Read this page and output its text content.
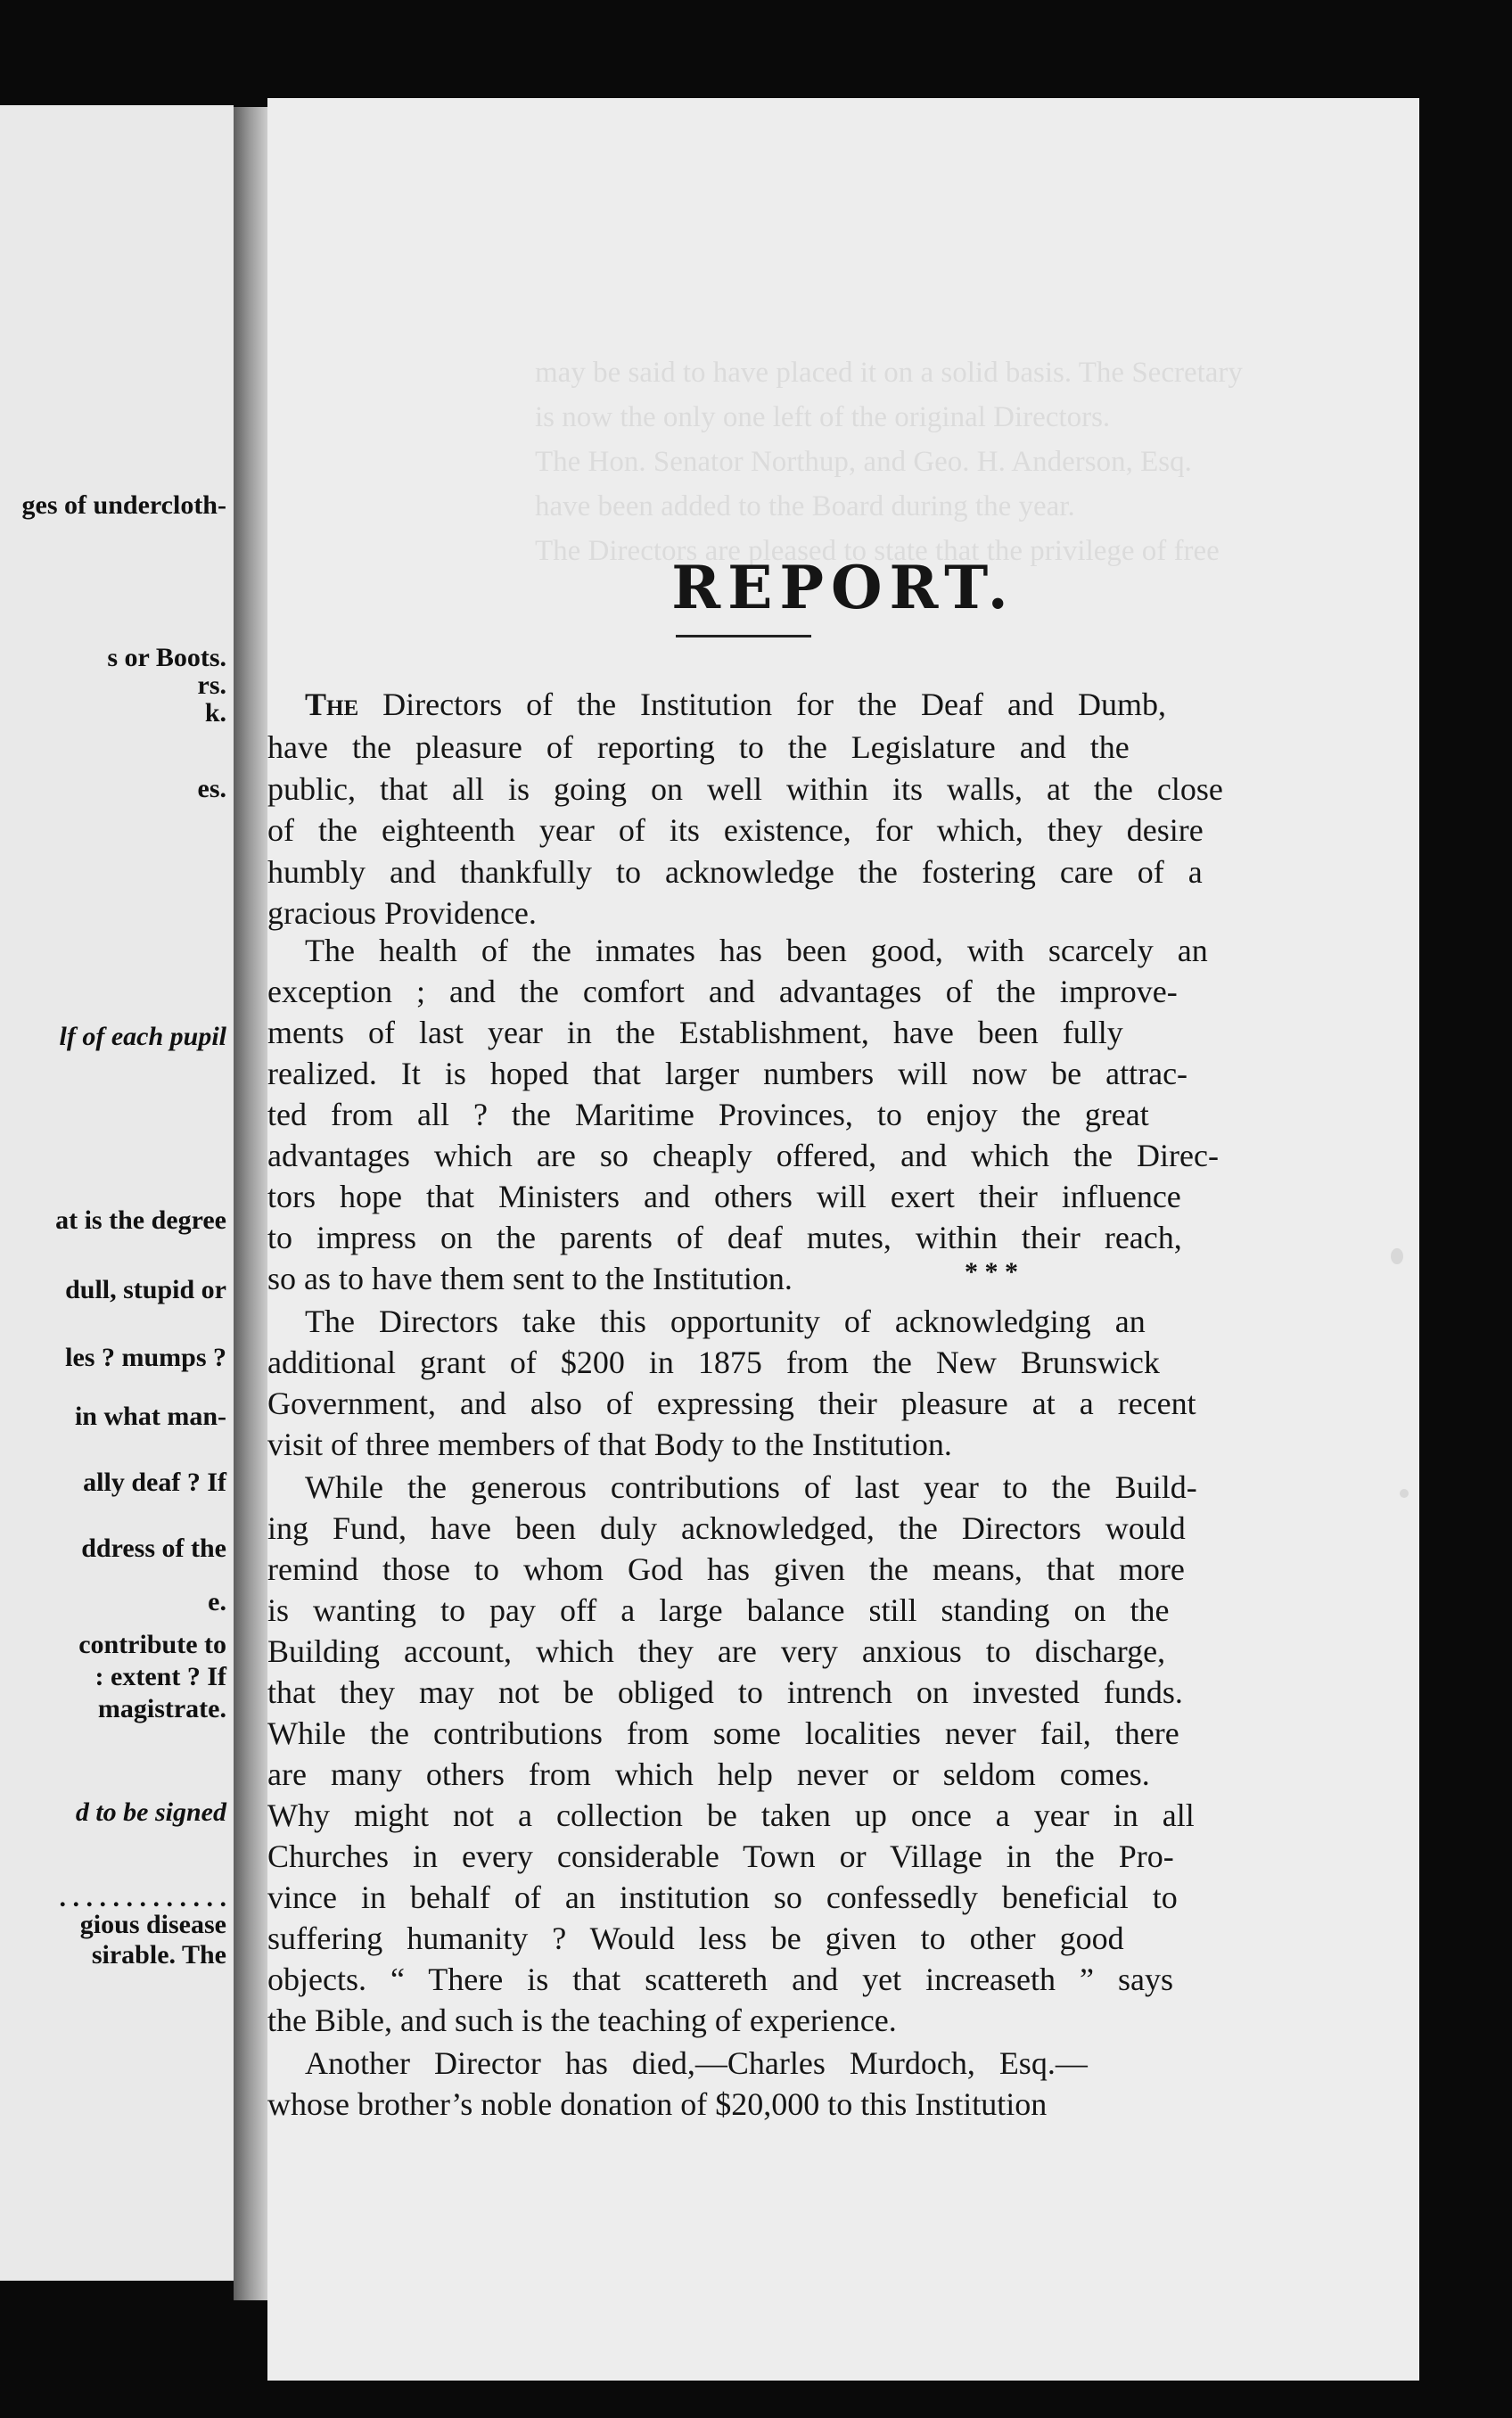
ges of undercloth-
s or Boots.
rs.
k.
es.
lf of each pupil
at is the degree
dull, stupid or
les ? mumps ?
in what man-
ally deaf ? If
ddress of the
e.
contribute to
: extent ? If
magistrate.
d to be signed
. . . . . . . . . . . . .
gious disease
sirable. The
may be said to have placed it on a solid basis. The Secretary
is now the only one left of the original Directors.
The Hon. Senator Northup, and Geo. H. Anderson, Esq.
have been added to the Board during the year.
The Directors are pleased to state that the privilege of free
REPORT.
The Directors of the Institution for the Deaf and Dumb,
have the pleasure of reporting to the Legislature and the
public, that all is going on well within its walls, at the close
of the eighteenth year of its existence, for which, they desire
humbly and thankfully to acknowledge the fostering care of a
gracious Providence.
The health of the inmates has been good, with scarcely an
exception ; and the comfort and advantages of the improve-
ments of last year in the Establishment, have been fully
realized. It is hoped that larger numbers will now be attrac-
ted from all ? the Maritime Provinces, to enjoy the great
advantages which are so cheaply offered, and which the Direc-
tors hope that Ministers and others will exert their influence
to impress on the parents of deaf mutes, within their reach,
so as to have them sent to the Institution.	* * *
The Directors take this opportunity of acknowledging an
additional grant of $200 in 1875 from the New Brunswick
Government, and also of expressing their pleasure at a recent
visit of three members of that Body to the Institution.
While the generous contributions of last year to the Build-
ing Fund, have been duly acknowledged, the Directors would
remind those to whom God has given the means, that more
is wanting to pay off a large balance still standing on the
Building account, which they are very anxious to discharge,
that they may not be obliged to intrench on invested funds.
While the contributions from some localities never fail, there
are many others from which help never or seldom comes.
Why might not a collection be taken up once a year in all
Churches in every considerable Town or Village in the Pro-
vince in behalf of an institution so confessedly beneficial to
suffering humanity ? Would less be given to other good
objects. “ There is that scattereth and yet increaseth ” says
the Bible, and such is the teaching of experience.
Another Director has died,—Charles Murdoch, Esq.—
whose brother’s noble donation of $20,000 to this Institution
